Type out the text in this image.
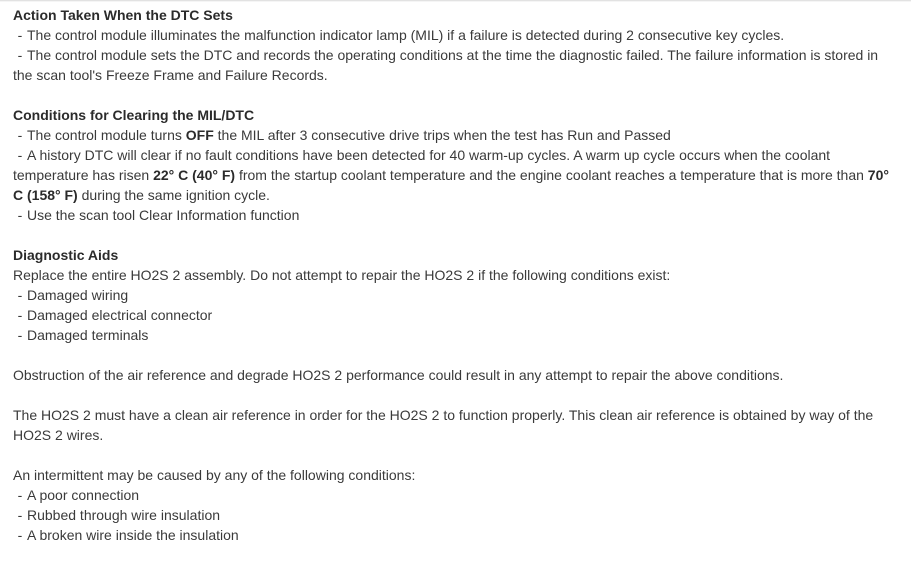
Action Taken When the DTC Sets

- The control module illuminates the malfunction indicator lamp (MIL) if a failure is detected during 2 consecutive key cycles.

- The control module sets the DTC and records the operating conditions at the time the diagnostic failed. The failure information is stored in the scan tool's Freeze Frame and Failure Records.

Conditions for Clearing the MIL/DTC

- The control module turns OFF the MIL after 3 consecutive drive trips when the test has Run and Passed

- A history DTC will clear if no fault conditions have been detected for 40 warm-up cycles. A warm up cycle occurs when the coolant temperature has risen 22° C (40° F) from the startup coolant temperature and the engine coolant reaches a temperature that is more than 70° C (158° F) during the same ignition cycle.

- Use the scan tool Clear Information function

Diagnostic Aids

Replace the entire HO2S 2 assembly. Do not attempt to repair the HO2S 2 if the following conditions exist:

- Damaged wiring

- Damaged electrical connector

- Damaged terminals

Obstruction of the air reference and degrade HO2S 2 performance could result in any attempt to repair the above conditions.

The HO2S 2 must have a clean air reference in order for the HO2S 2 to function properly. This clean air reference is obtained by way of the HO2S 2 wires.

An intermittent may be caused by any of the following conditions:

- A poor connection

- Rubbed through wire insulation

- A broken wire inside the insulation
